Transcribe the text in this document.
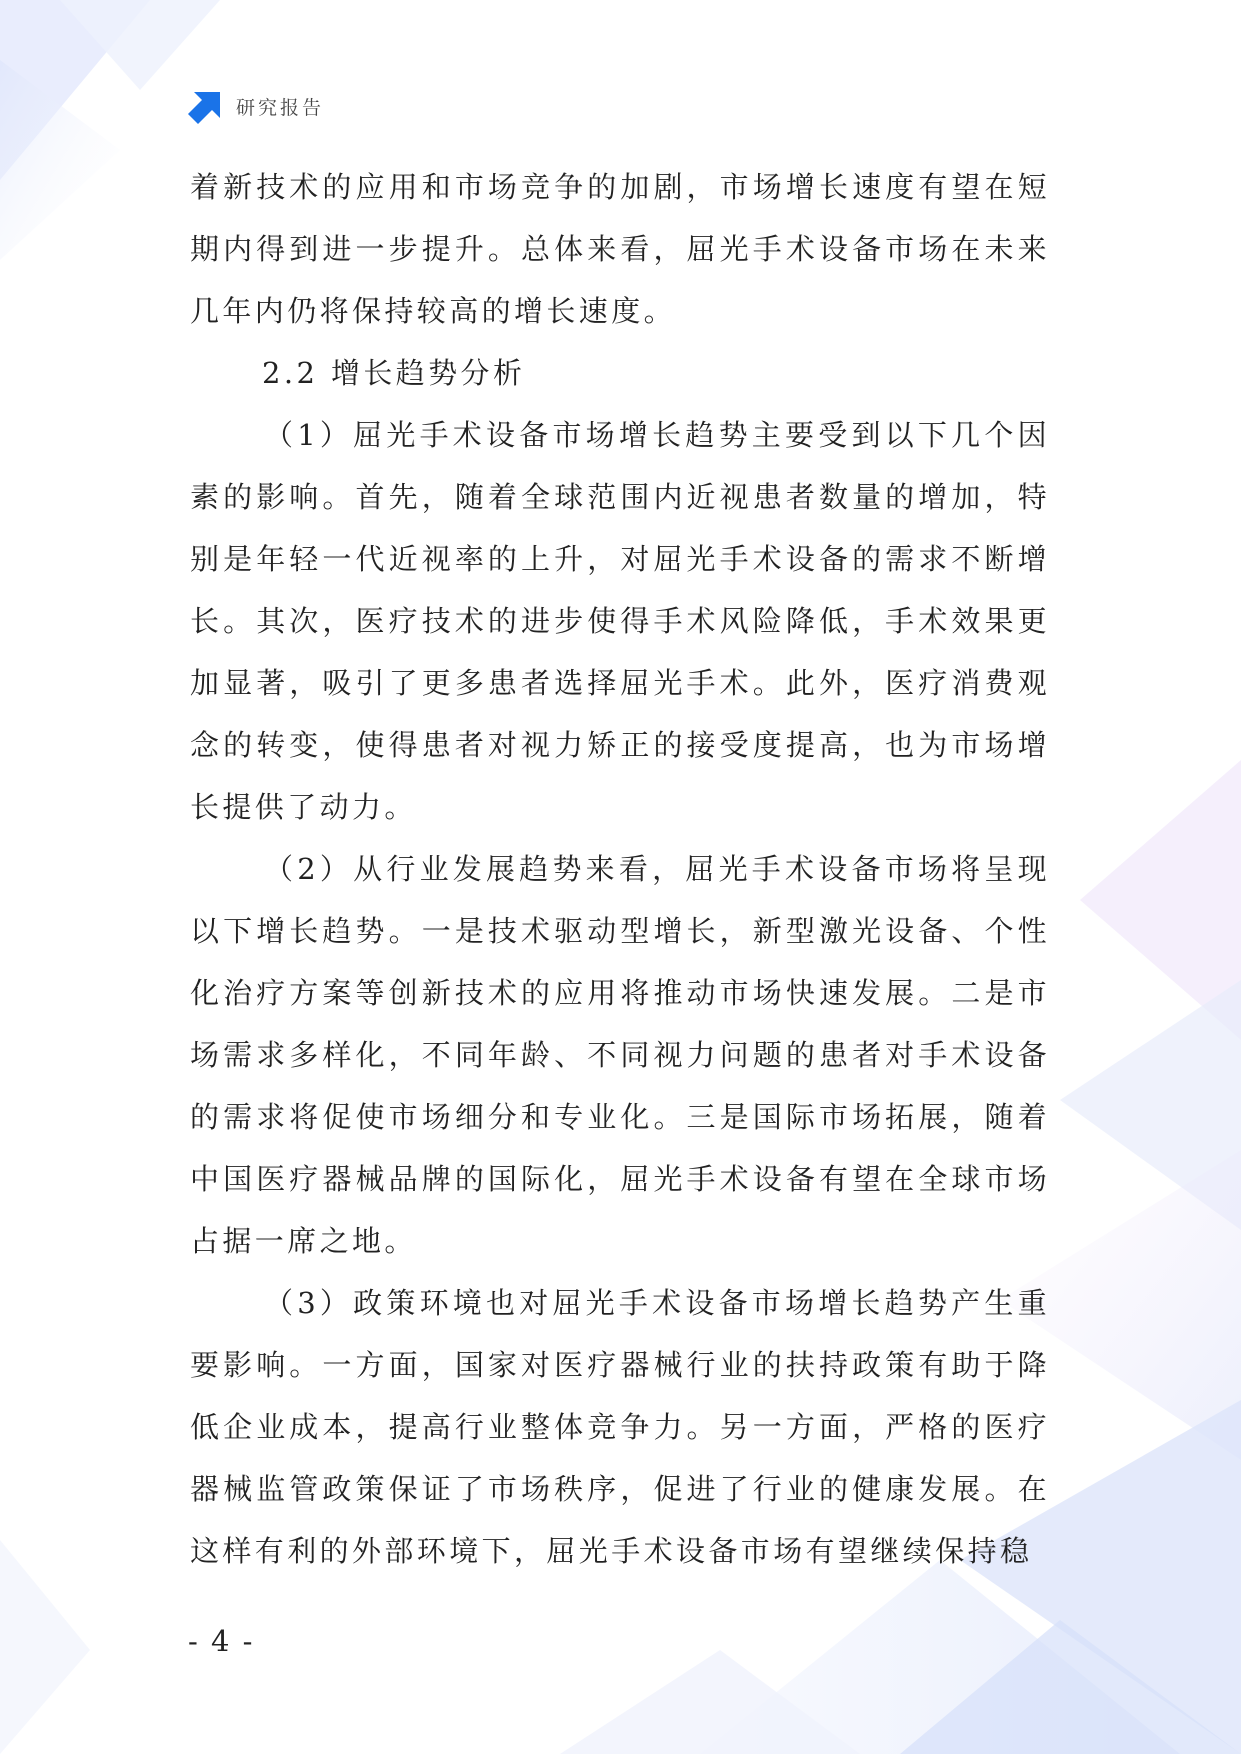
研究报告

着新技术的应用和市场竞争的加剧，市场增长速度有望在短期内得到进一步提升。总体来看，屈光手术设备市场在未来几年内仍将保持较高的增长速度。

2.2 增长趋势分析

（1）屈光手术设备市场增长趋势主要受到以下几个因素的影响。首先，随着全球范围内近视患者数量的增加，特别是年轻一代近视率的上升，对屈光手术设备的需求不断增长。其次，医疗技术的进步使得手术风险降低，手术效果更加显著，吸引了更多患者选择屈光手术。此外，医疗消费观念的转变，使得患者对视力矫正的接受度提高，也为市场增长提供了动力。

（2）从行业发展趋势来看，屈光手术设备市场将呈现以下增长趋势。一是技术驱动型增长，新型激光设备、个性化治疗方案等创新技术的应用将推动市场快速发展。二是市场需求多样化，不同年龄、不同视力问题的患者对手术设备的需求将促使市场细分和专业化。三是国际市场拓展，随着中国医疗器械品牌的国际化，屈光手术设备有望在全球市场占据一席之地。

（3）政策环境也对屈光手术设备市场增长趋势产生重要影响。一方面，国家对医疗器械行业的扶持政策有助于降低企业成本，提高行业整体竞争力。另一方面，严格的医疗器械监管政策保证了市场秩序，促进了行业的健康发展。在这样有利的外部环境下，屈光手术设备市场有望继续保持稳

- 4 -
